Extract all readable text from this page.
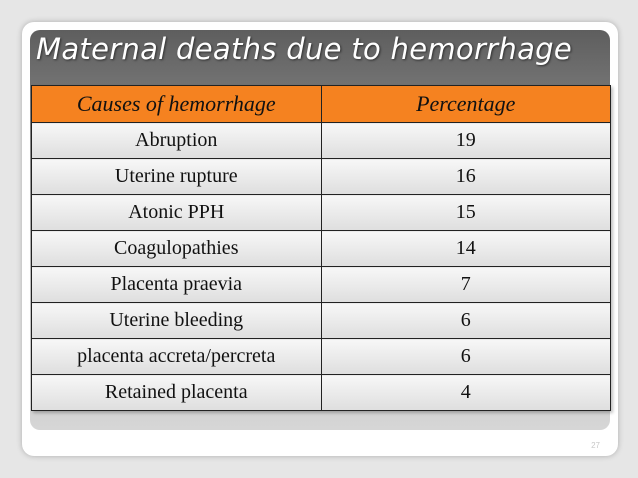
Maternal deaths due to hemorrhage
Causes of hemorrhage	Percentage
Abruption	19
Uterine rupture	16
Atonic PPH	15
Coagulopathies	14
Placenta praevia	7
Uterine bleeding	6
placenta accreta/percreta	6
Retained placenta	4
27
